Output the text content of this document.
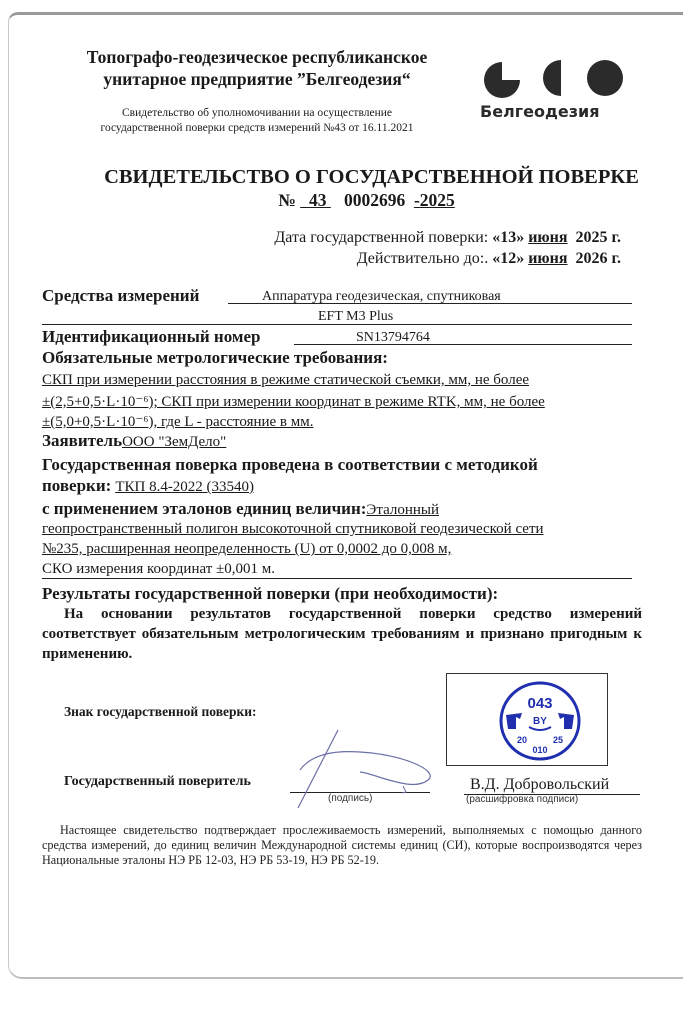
Топографо-геодезическое республиканское
унитарное предприятие ”Белгеодезия“
Свидетельство об уполномочивании на осуществление
государственной поверки средств измерений №43 от 16.11.2021
Белгеодезия
СВИДЕТЕЛЬСТВО О ГОСУДАРСТВЕННОЙ ПОВЕРКЕ
№ 43 0002696 -2025
Дата государственной поверки: «13» июня 2025 г.
Действительно до:. «12» июня 2026 г.
Средства измерений	Аппаратура геодезическая, спутниковая
EFT M3 Plus
Идентификационный номер	SN13794764
Обязательные метрологические требования:
СКП при измерении расстояния в режиме статической съемки, мм, не более
±(2,5+0,5·L·10⁻⁶); СКП при измерении координат в режиме RTK, мм, не более
±(5,0+0,5·L·10⁻⁶), где L - расстояние в мм.
ЗаявительООО "ЗемДело"
Государственная поверка проведена в соответствии с методикой
поверки: ТКП 8.4-2022 (33540)
с применением эталонов единиц величин:Эталонный
геопространственный полигон высокоточной спутниковой геодезической сети
№235, расширенная неопределенность (U) от 0,0002 до 0,008 м,
СКО измерения координат ±0,001 м.
Результаты государственной поверки (при необходимости):
На основании результатов государственной поверки средство измерений соответствует обязательным метрологическим требованиям и признано пригодным к применению.
Знак государственной поверки:	043
BY
20	25
010
Государственный поверитель
(подпись)
В.Д. Добровольский
(расшифровка подписи)
Настоящее свидетельство подтверждает прослеживаемость измерений, выполняемых с помощью данного средства измерений, до единиц величин Международной системы единиц (СИ), которые воспроизводятся через Национальные эталоны НЭ РБ 12-03, НЭ РБ 53-19, НЭ РБ 52-19.
